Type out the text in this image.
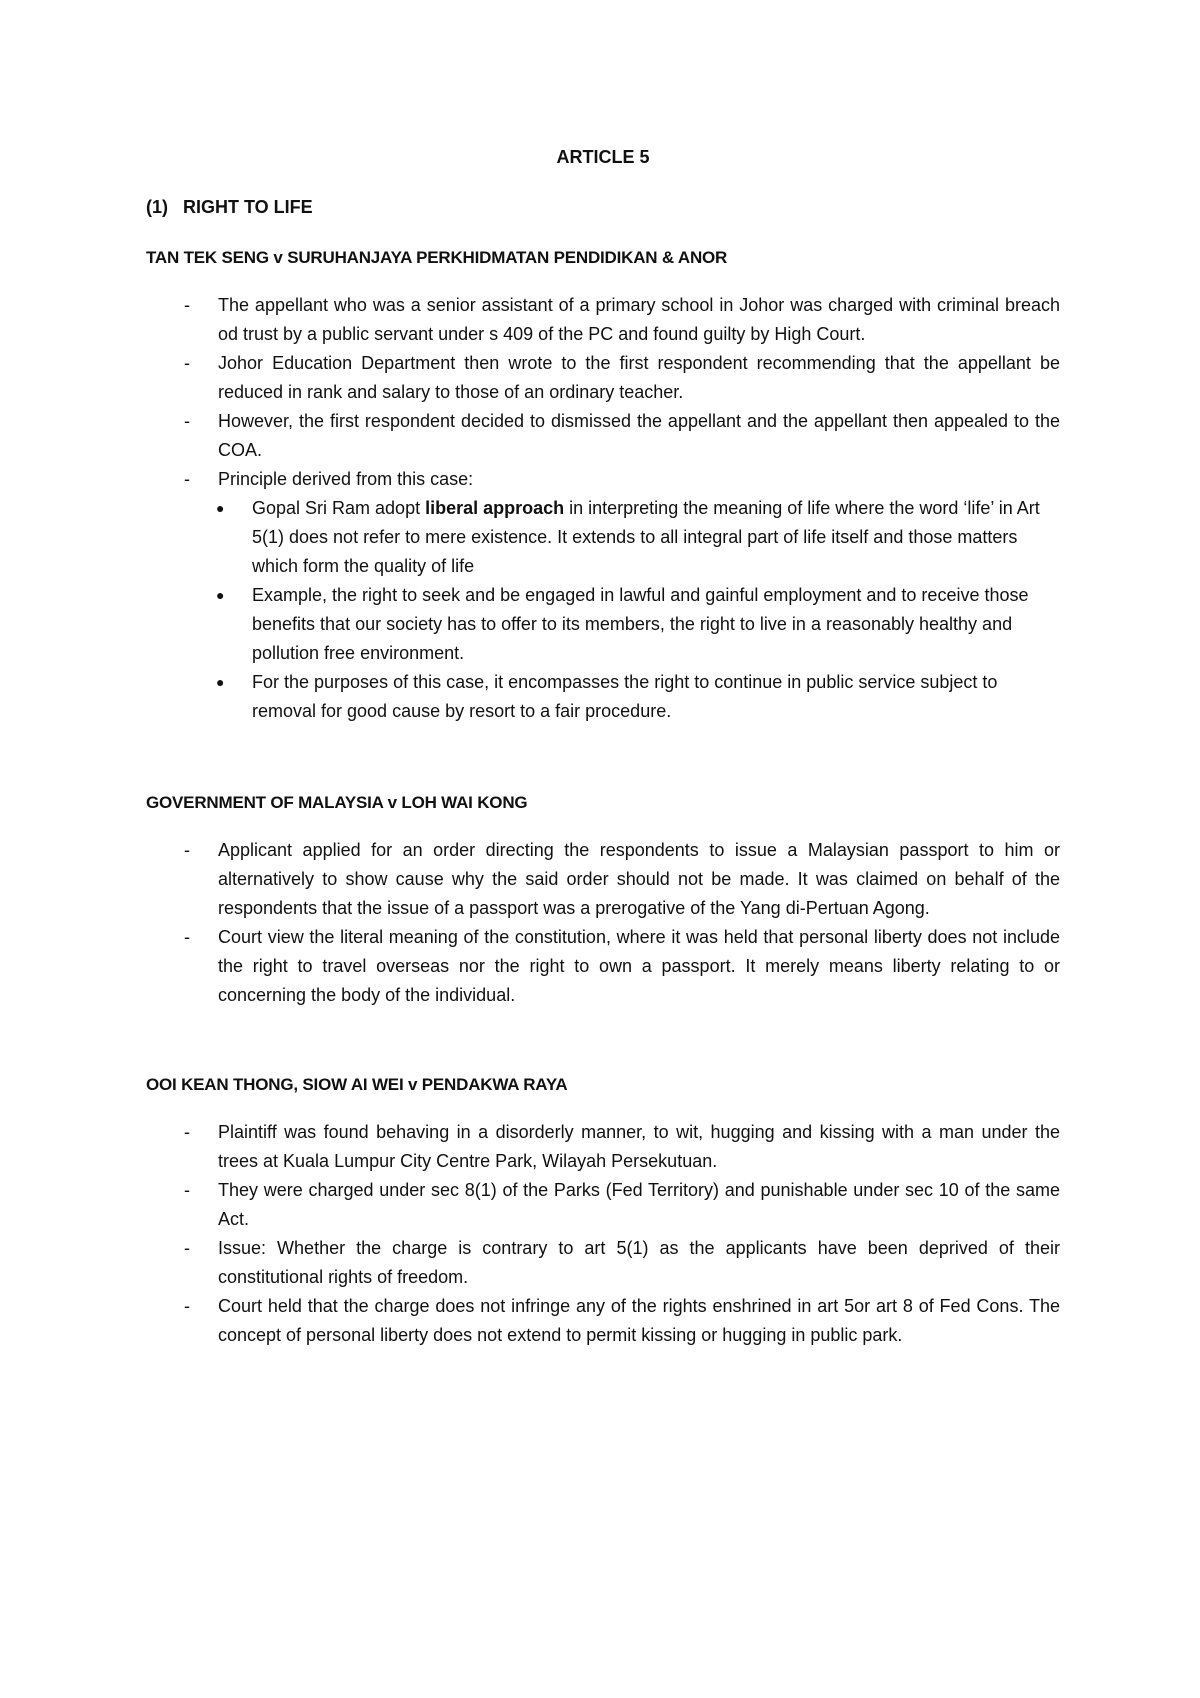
ARTICLE 5
(1) RIGHT TO LIFE
TAN TEK SENG v SURUHANJAYA PERKHIDMATAN PENDIDIKAN & ANOR
- The appellant who was a senior assistant of a primary school in Johor was charged with criminal breach od trust by a public servant under s 409 of the PC and found guilty by High Court.
- Johor Education Department then wrote to the first respondent recommending that the appellant be reduced in rank and salary to those of an ordinary teacher.
- However, the first respondent decided to dismissed the appellant and the appellant then appealed to the COA.
- Principle derived from this case:
● Gopal Sri Ram adopt liberal approach in interpreting the meaning of life where the word ‘life’ in Art 5(1) does not refer to mere existence. It extends to all integral part of life itself and those matters which form the quality of life
● Example, the right to seek and be engaged in lawful and gainful employment and to receive those benefits that our society has to offer to its members, the right to live in a reasonably healthy and pollution free environment.
● For the purposes of this case, it encompasses the right to continue in public service subject to removal for good cause by resort to a fair procedure.
GOVERNMENT OF MALAYSIA v LOH WAI KONG
- Applicant applied for an order directing the respondents to issue a Malaysian passport to him or alternatively to show cause why the said order should not be made. It was claimed on behalf of the respondents that the issue of a passport was a prerogative of the Yang di-Pertuan Agong.
- Court view the literal meaning of the constitution, where it was held that personal liberty does not include the right to travel overseas nor the right to own a passport. It merely means liberty relating to or concerning the body of the individual.
OOI KEAN THONG, SIOW AI WEI v PENDAKWA RAYA
- Plaintiff was found behaving in a disorderly manner, to wit, hugging and kissing with a man under the trees at Kuala Lumpur City Centre Park, Wilayah Persekutuan.
- They were charged under sec 8(1) of the Parks (Fed Territory) and punishable under sec 10 of the same Act.
- Issue: Whether the charge is contrary to art 5(1) as the applicants have been deprived of their constitutional rights of freedom.
- Court held that the charge does not infringe any of the rights enshrined in art 5or art 8 of Fed Cons. The concept of personal liberty does not extend to permit kissing or hugging in public park.
